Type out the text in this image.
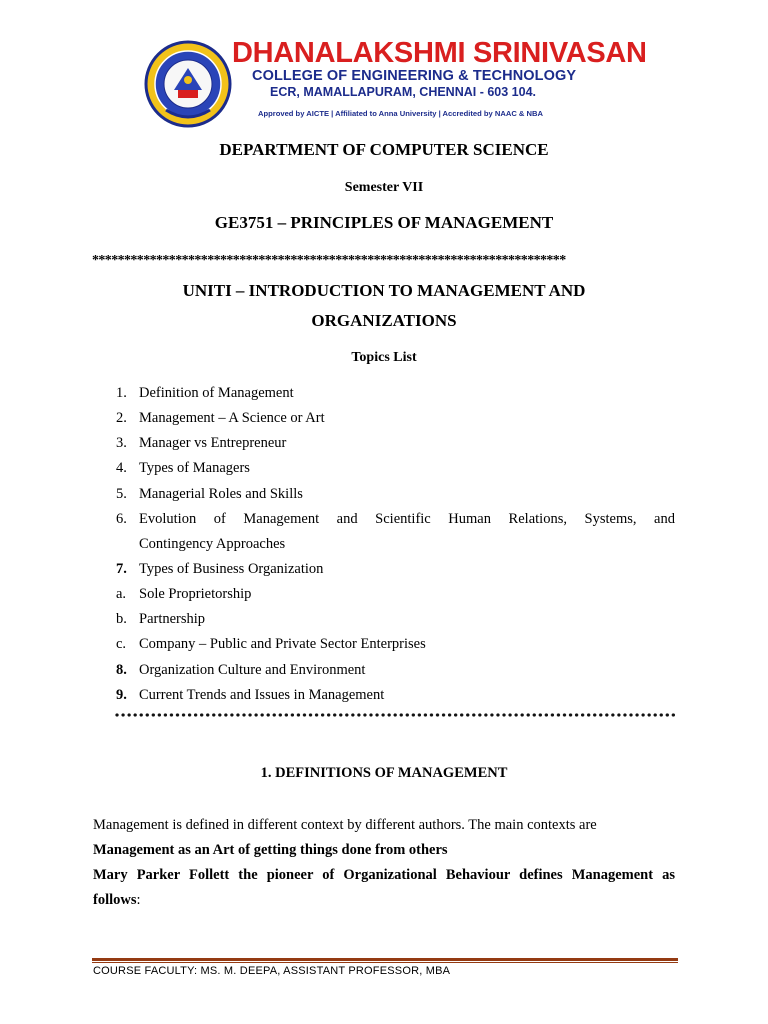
DHANALAKSHMI SRINIVASAN
COLLEGE OF ENGINEERING & TECHNOLOGY
ECR, MAMALLAPURAM, CHENNAI - 603 104.
Approved by AICTE | Affiliated to Anna University | Accredited by NAAC & NBA
DEPARTMENT OF COMPUTER SCIENCE
Semester VII
GE3751 – PRINCIPLES OF MANAGEMENT
**************************************************************************
UNITI – INTRODUCTION TO MANAGEMENT AND
ORGANIZATIONS
Topics List
1. Definition of Management
2. Management – A Science or Art
3. Manager vs Entrepreneur
4. Types of Managers
5. Managerial Roles and Skills
6. Evolution of Management and Scientific Human Relations, Systems, and
Contingency Approaches
7. Types of Business Organization
a. Sole Proprietorship
b. Partnership
c. Company – Public and Private Sector Enterprises
8. Organization Culture and Environment
9. Current Trends and Issues in Management
1. DEFINITIONS OF MANAGEMENT
Management is defined in different context by different authors. The main contexts are
Management as an Art of getting things done from others
Mary Parker Follett the pioneer of Organizational Behaviour defines Management as
follows:
COURSE FACULTY: MS. M. DEEPA, ASSISTANT PROFESSOR, MBA
